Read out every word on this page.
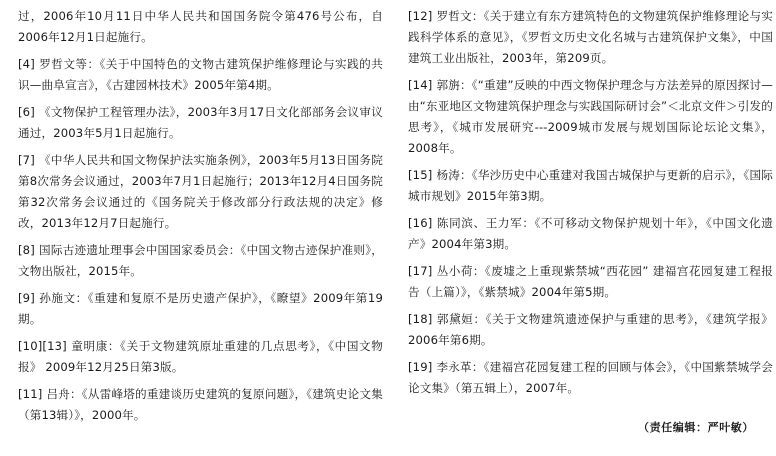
过，2006年10月11日中华人民共和国国务院令第476号公布，自2006年12月1日起施行。

[4] 罗哲文等：《关于中国特色的文物古建筑保护维修理论与实践的共识—曲阜宣言》，《古建园林技术》2005年第4期。

[6] 《文物保护工程管理办法》，2003年3月17日文化部部务会议审议通过，2003年5月1日起施行。

[7] 《中华人民共和国文物保护法实施条例》，2003年5月13日国务院第8次常务会议通过，2003年7月1日起施行；2013年12月4日国务院第32次常务会议通过的《国务院关于修改部分行政法规的决定》修改，2013年12月7日起施行。

[8] 国际古迹遗址理事会中国国家委员会：《中国文物古迹保护准则》，文物出版社，2015年。

[9] 孙施文：《重建和复原不是历史遗产保护》，《瞭望》2009年第19期。

[10][13] 童明康：《关于文物建筑原址重建的几点思考》，《中国文物报》 2009年12月25日第3版。

[11] 吕舟：《从雷峰塔的重建谈历史建筑的复原问题》，《建筑史论文集（第13辑）》，2000年。

[12] 罗哲文：《关于建立有东方建筑特色的文物建筑保护维修理论与实践科学体系的意见》，《罗哲文历史文化名城与古建筑保护文集》，中国建筑工业出版社，2003年，第209页。

[14] 郭旃：《“重建”反映的中西文物保护理念与方法差异的原因探讨—由“东亚地区文物建筑保护理念与实践国际研讨会”＜北京文件＞引发的思考》，《城市发展研究---2009城市发展与规划国际论坛论文集》，2008年。

[15] 杨涛：《华沙历史中心重建对我国古城保护与更新的启示》，《国际城市规划》2015年第3期。

[16] 陈同滨、王力军：《不可移动文物保护规划十年》，《中国文化遗产》2004年第3期。

[17] 丛小荷：《废墟之上重现紫禁城“西花园” 建福宫花园复建工程报告（上篇）》，《紫禁城》2004年第5期。

[18] 郭黛姮：《关于文物建筑遗迹保护与重建的思考》，《建筑学报》2006年第6期。

[19] 李永革：《建福宫花园复建工程的回顾与体会》，《中国紫禁城学会论文集》（第五辑上），2007年。

（责任编辑：严叶敏）
